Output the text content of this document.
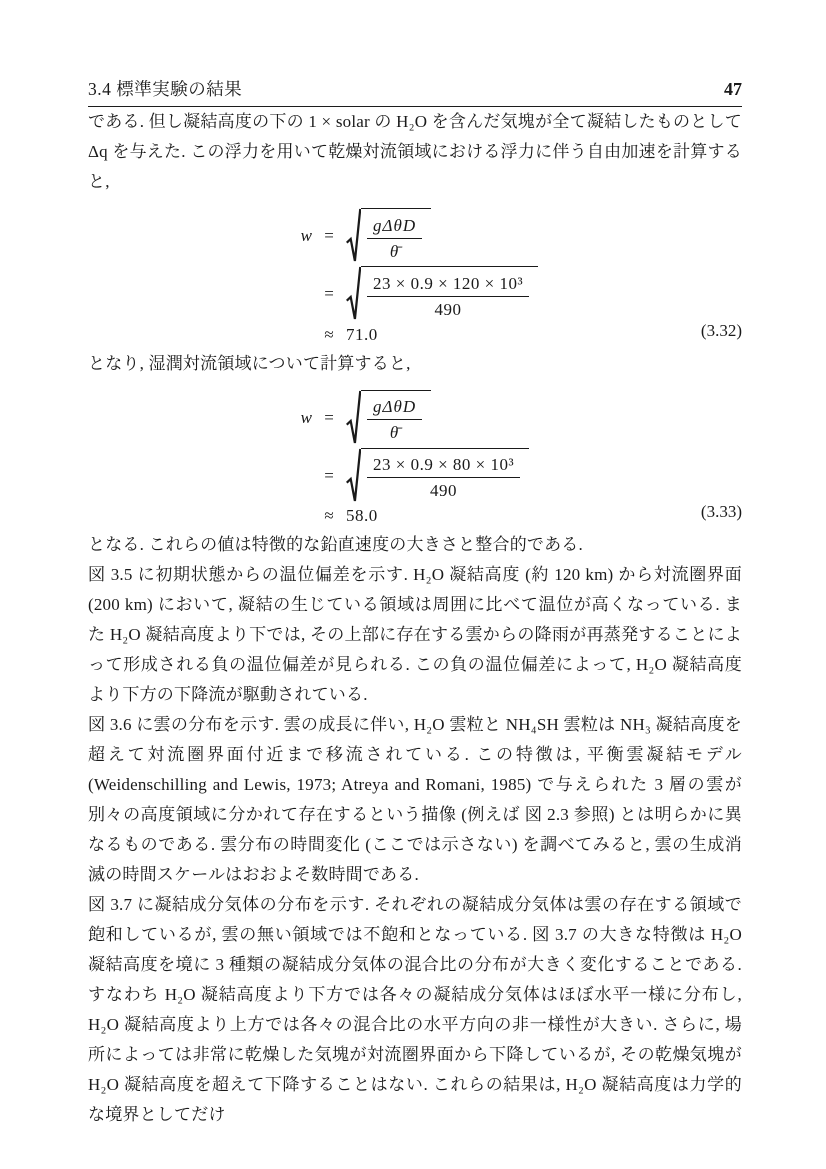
3.4 標準実験の結果	47

である. 但し凝結高度の下の 1 × solar の H₂O を含んだ気塊が全て凝結したものとして Δq を与えた. この浮力を用いて乾燥対流領域における浮力に伴う自由加速を計算すると,

w =	$\frac{\text{gΔθD}}{\thetā}$
=	$\frac{\text{23 × 0.9 × 120 × 10³}}{490}$
≈ 71.0	(3.32)

となり, 湿潤対流領域について計算すると,

w =	$\frac{\text{gΔθD}}{\thetā}$
=	$\frac{\text{23 × 0.9 × 80 × 10³}}{490}$
≈ 58.0	(3.33)

となる. これらの値は特徴的な鉛直速度の大きさと整合的である.

図 3.5 に初期状態からの温位偏差を示す. H₂O 凝結高度 (約 120 km) から対流圏界面 (200 km) において, 凝結の生じている領域は周囲に比べて温位が高くなっている. また H₂O 凝結高度より下では, その上部に存在する雲からの降雨が再蒸発することによって形成される負の温位偏差が見られる. この負の温位偏差によって, H₂O 凝結高度より下方の下降流が駆動されている.

図 3.6 に雲の分布を示す. 雲の成長に伴い, H₂O 雲粒と NH₄SH 雲粒は NH₃ 凝結高度を超えて対流圏界面付近まで移流されている. この特徴は, 平衡雲凝結モデル (Weidenschilling and Lewis, 1973; Atreya and Romani, 1985) で与えられた 3 層の雲が別々の高度領域に分かれて存在するという描像 (例えば 図 2.3 参照) とは明らかに異なるものである. 雲分布の時間変化 (ここでは示さない) を調べてみると, 雲の生成消滅の時間スケールはおおよそ数時間である.

図 3.7 に凝結成分気体の分布を示す. それぞれの凝結成分気体は雲の存在する領域で飽和しているが, 雲の無い領域では不飽和となっている. 図 3.7 の大きな特徴は H₂O 凝結高度を境に 3 種類の凝結成分気体の混合比の分布が大きく変化することである. すなわち H₂O 凝結高度より下方では各々の凝結成分気体はほぼ水平一様に分布し, H₂O 凝結高度より上方では各々の混合比の水平方向の非一様性が大きい. さらに, 場所によっては非常に乾燥した気塊が対流圏界面から下降しているが, その乾燥気塊が H₂O 凝結高度を超えて下降することはない. これらの結果は, H₂O 凝結高度は力学的な境界としてだけ
